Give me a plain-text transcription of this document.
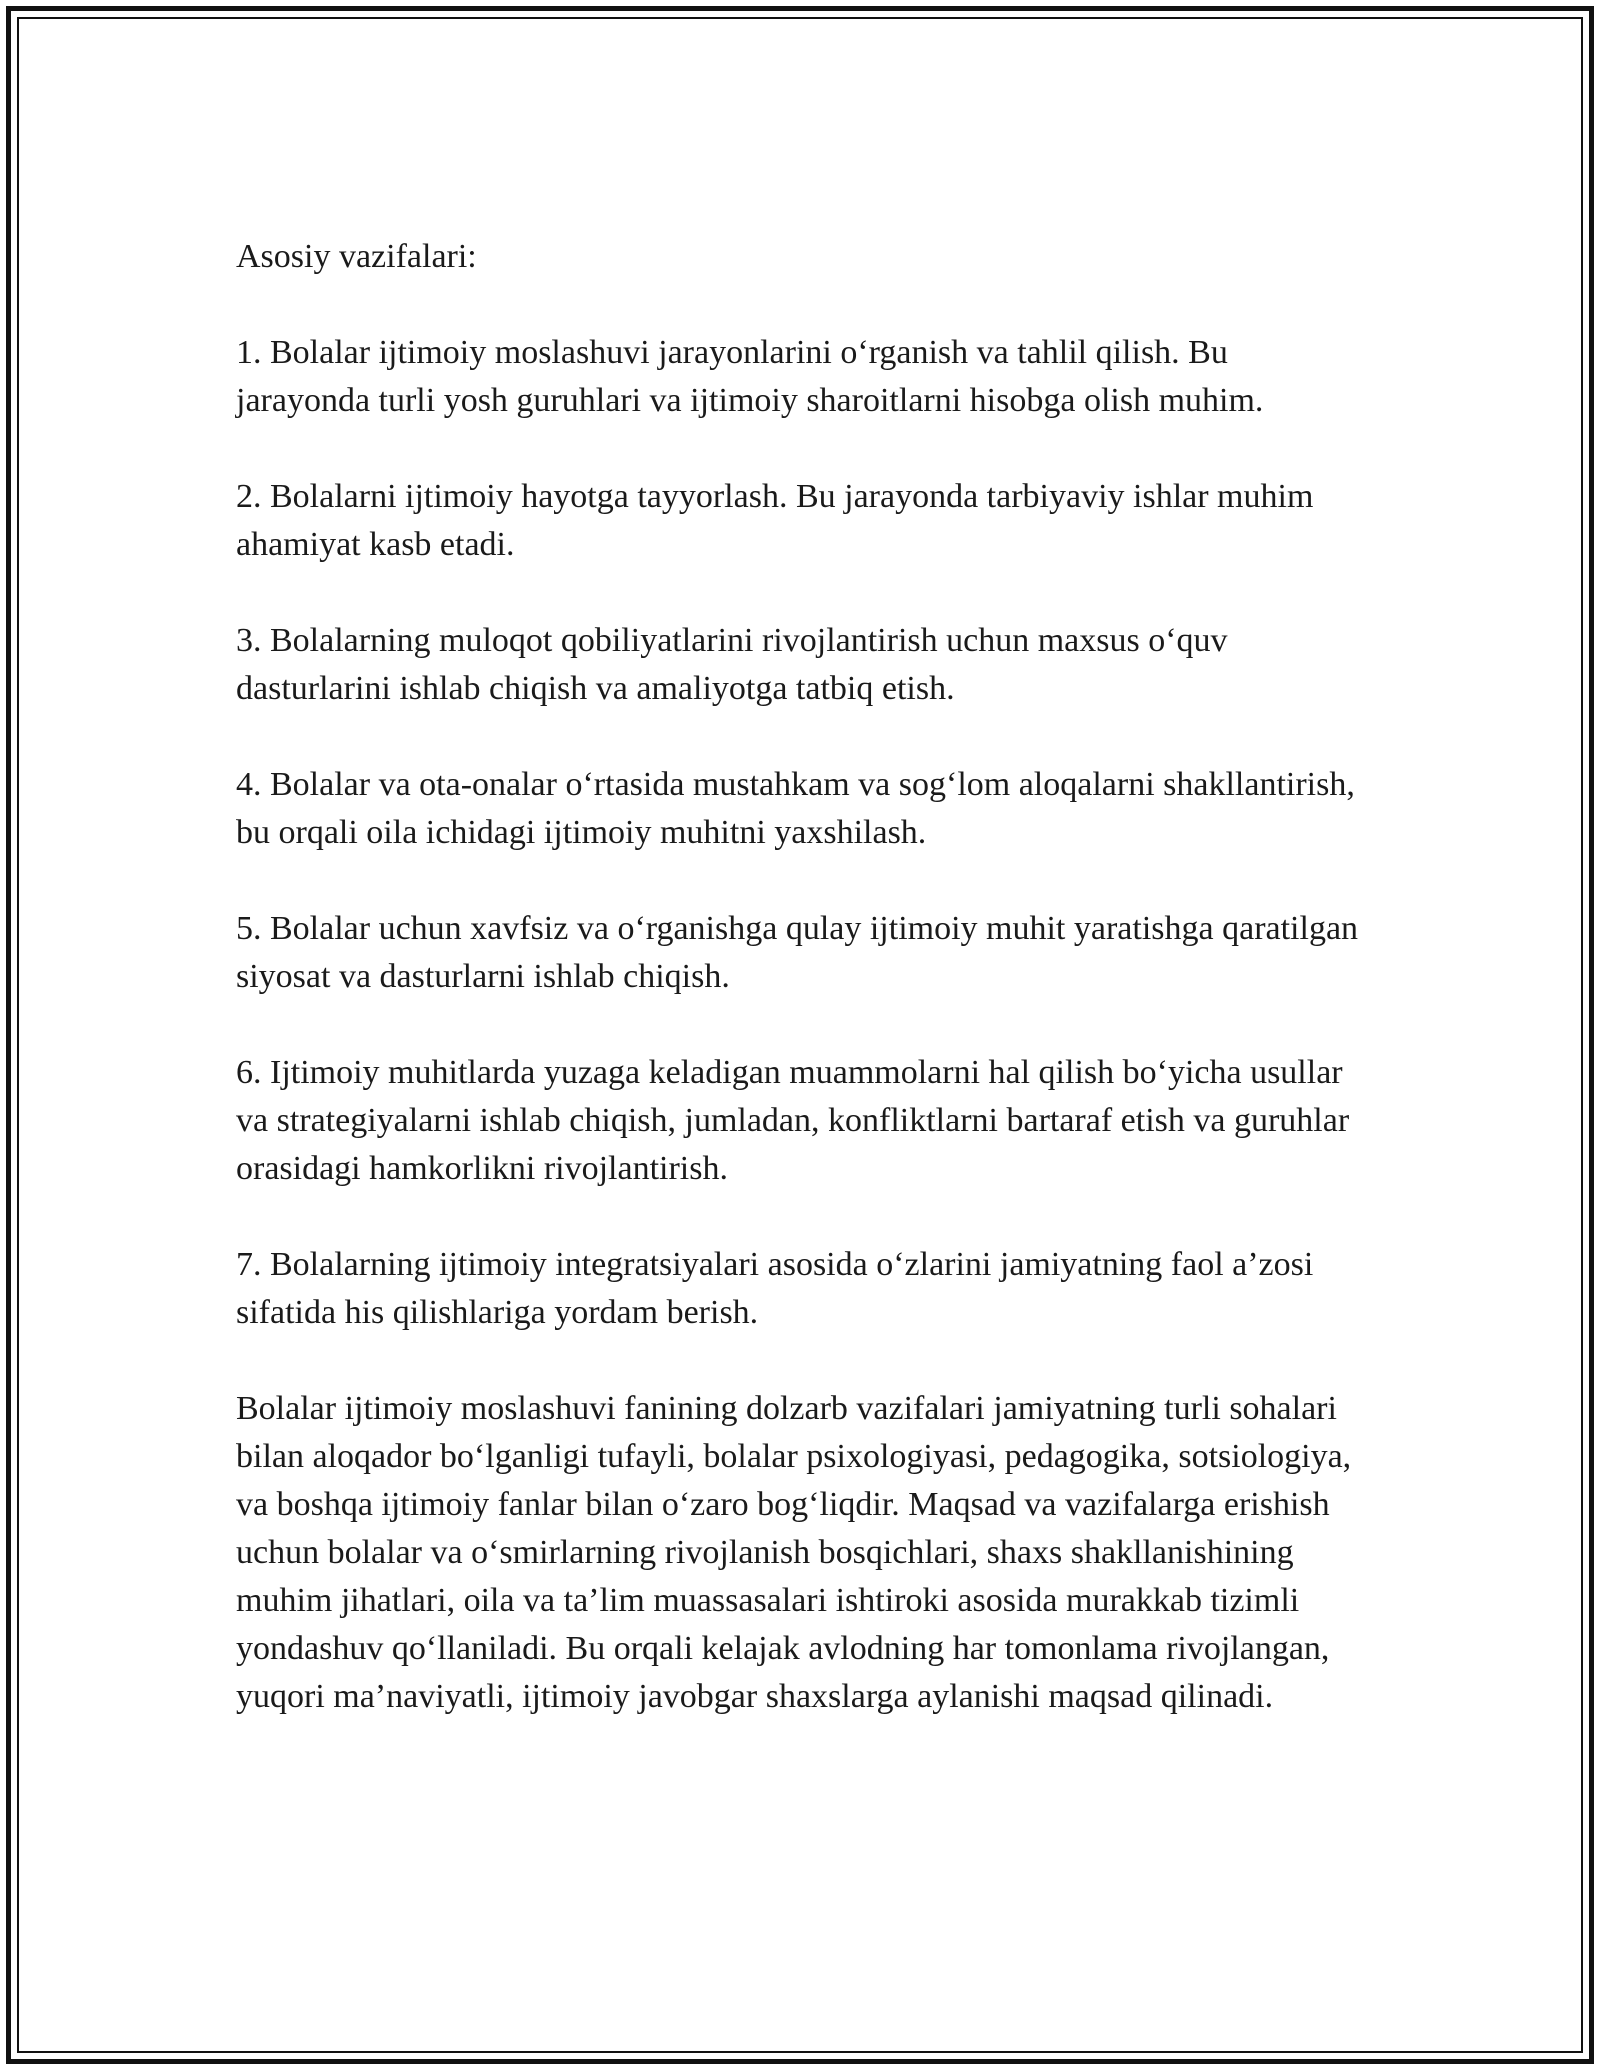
Asosiy vazifalari:

1. Bolalar ijtimoiy moslashuvi jarayonlarini o‘rganish va tahlil qilish. Bu jarayonda turli yosh guruhlari va ijtimoiy sharoitlarni hisobga olish muhim.

2. Bolalarni ijtimoiy hayotga tayyorlash. Bu jarayonda tarbiyaviy ishlar muhim ahamiyat kasb etadi.

3. Bolalarning muloqot qobiliyatlarini rivojlantirish uchun maxsus o‘quv dasturlarini ishlab chiqish va amaliyotga tatbiq etish.

4. Bolalar va ota-onalar o‘rtasida mustahkam va sog‘lom aloqalarni shakllantirish, bu orqali oila ichidagi ijtimoiy muhitni yaxshilash.

5. Bolalar uchun xavfsiz va o‘rganishga qulay ijtimoiy muhit yaratishga qaratilgan siyosat va dasturlarni ishlab chiqish.

6. Ijtimoiy muhitlarda yuzaga keladigan muammolarni hal qilish bo‘yicha usullar va strategiyalarni ishlab chiqish, jumladan, konfliktlarni bartaraf etish va guruhlar orasidagi hamkorlikni rivojlantirish.

7. Bolalarning ijtimoiy integratsiyalari asosida o‘zlarini jamiyatning faol a’zosi sifatida his qilishlariga yordam berish.

Bolalar ijtimoiy moslashuvi fanining dolzarb vazifalari jamiyatning turli sohalari bilan aloqador bo‘lganligi tufayli, bolalar psixologiyasi, pedagogika, sotsiologiya, va boshqa ijtimoiy fanlar bilan o‘zaro bog‘liqdir. Maqsad va vazifalarga erishish uchun bolalar va o‘smirlarning rivojlanish bosqichlari, shaxs shakllanishining muhim jihatlari, oila va ta’lim muassasalari ishtiroki asosida murakkab tizimli yondashuv qo‘llaniladi. Bu orqali kelajak avlodning har tomonlama rivojlangan, yuqori ma’naviyatli, ijtimoiy javobgar shaxslarga aylanishi maqsad qilinadi.
